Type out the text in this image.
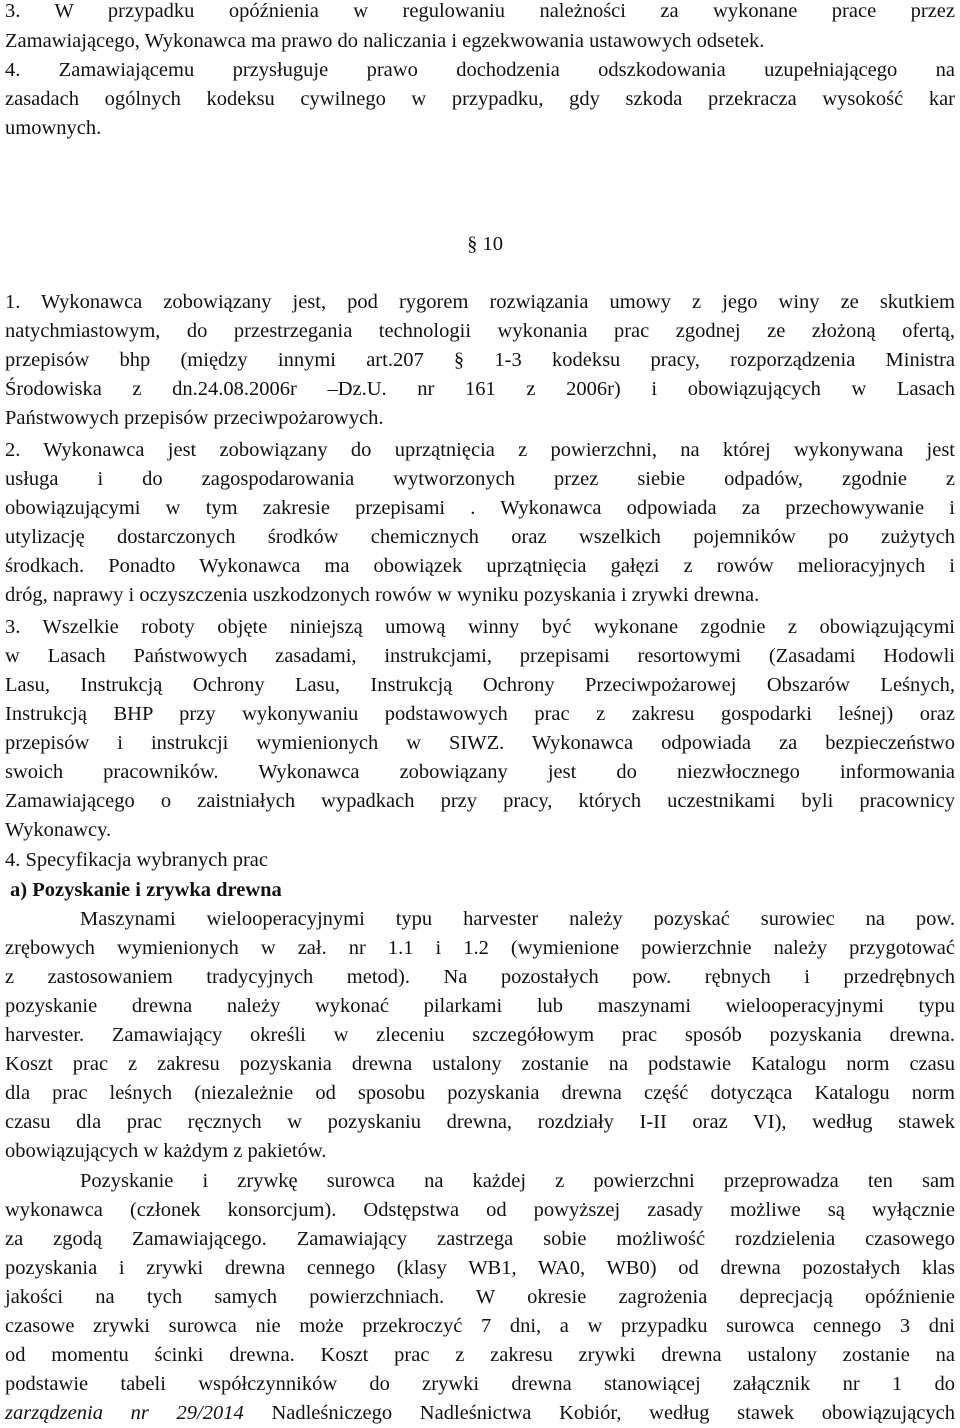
3. W przypadku opóźnienia w regulowaniu należności za wykonane prace przez
Zamawiającego, Wykonawca ma prawo do naliczania i egzekwowania ustawowych odsetek.
4. Zamawiającemu przysługuje prawo dochodzenia odszkodowania uzupełniającego na
zasadach ogólnych kodeksu cywilnego w przypadku, gdy szkoda przekracza wysokość kar
umownych.
§ 10
1. Wykonawca zobowiązany jest, pod rygorem rozwiązania umowy z jego winy ze skutkiem
natychmiastowym, do przestrzegania technologii wykonania prac zgodnej ze złożoną ofertą,
przepisów bhp (między innymi art.207 § 1-3 kodeksu pracy, rozporządzenia Ministra
Środowiska z dn.24.08.2006r –Dz.U. nr 161 z 2006r) i obowiązujących w Lasach
Państwowych przepisów przeciwpożarowych.
2. Wykonawca jest zobowiązany do uprzątnięcia z powierzchni, na której wykonywana jest
usługa i do zagospodarowania wytworzonych przez siebie odpadów, zgodnie z
obowiązującymi w tym zakresie przepisami . Wykonawca odpowiada za przechowywanie i
utylizację dostarczonych środków chemicznych oraz wszelkich pojemników po zużytych
środkach. Ponadto Wykonawca ma obowiązek uprzątnięcia gałęzi z rowów melioracyjnych i
dróg, naprawy i oczyszczenia uszkodzonych rowów w wyniku pozyskania i zrywki drewna.
3. Wszelkie roboty objęte niniejszą umową winny być wykonane zgodnie z obowiązującymi
w Lasach Państwowych zasadami, instrukcjami, przepisami resortowymi (Zasadami Hodowli
Lasu, Instrukcją Ochrony Lasu, Instrukcją Ochrony Przeciwpożarowej Obszarów Leśnych,
Instrukcją BHP przy wykonywaniu podstawowych prac z zakresu gospodarki leśnej) oraz
przepisów i instrukcji wymienionych w SIWZ. Wykonawca odpowiada za bezpieczeństwo
swoich pracowników. Wykonawca zobowiązany jest do niezwłocznego informowania
Zamawiającego o zaistniałych wypadkach przy pracy, których uczestnikami byli pracownicy
Wykonawcy.
4. Specyfikacja wybranych prac
a) Pozyskanie i zrywka drewna
Maszynami wielooperacyjnymi typu harvester należy pozyskać surowiec na pow.
zrębowych wymienionych w zał. nr 1.1 i 1.2 (wymienione powierzchnie należy przygotować
z zastosowaniem tradycyjnych metod). Na pozostałych pow. rębnych i przedrębnych
pozyskanie drewna należy wykonać pilarkami lub maszynami wielooperacyjnymi typu
harvester. Zamawiający określi w zleceniu szczegółowym prac sposób pozyskania drewna.
Koszt prac z zakresu pozyskania drewna ustalony zostanie na podstawie Katalogu norm czasu
dla prac leśnych (niezależnie od sposobu pozyskania drewna część dotycząca Katalogu norm
czasu dla prac ręcznych w pozyskaniu drewna, rozdziały I-II oraz VI), według stawek
obowiązujących w każdym z pakietów.
Pozyskanie i zrywkę surowca na każdej z powierzchni przeprowadza ten sam
wykonawca (członek konsorcjum). Odstępstwa od powyższej zasady możliwe są wyłącznie
za zgodą Zamawiającego. Zamawiający zastrzega sobie możliwość rozdzielenia czasowego
pozyskania i zrywki drewna cennego (klasy WB1, WA0, WB0) od drewna pozostałych klas
jakości na tych samych powierzchniach. W okresie zagrożenia deprecjacją opóźnienie
czasowe zrywki surowca nie może przekroczyć 7 dni, a w przypadku surowca cennego 3 dni
od momentu ścinki drewna. Koszt prac z zakresu zrywki drewna ustalony zostanie na
podstawie tabeli współczynników do zrywki drewna stanowiącej załącznik nr 1 do
zarządzenia nr 29/2014 Nadleśniczego Nadleśnictwa Kobiór, według stawek obowiązujących
